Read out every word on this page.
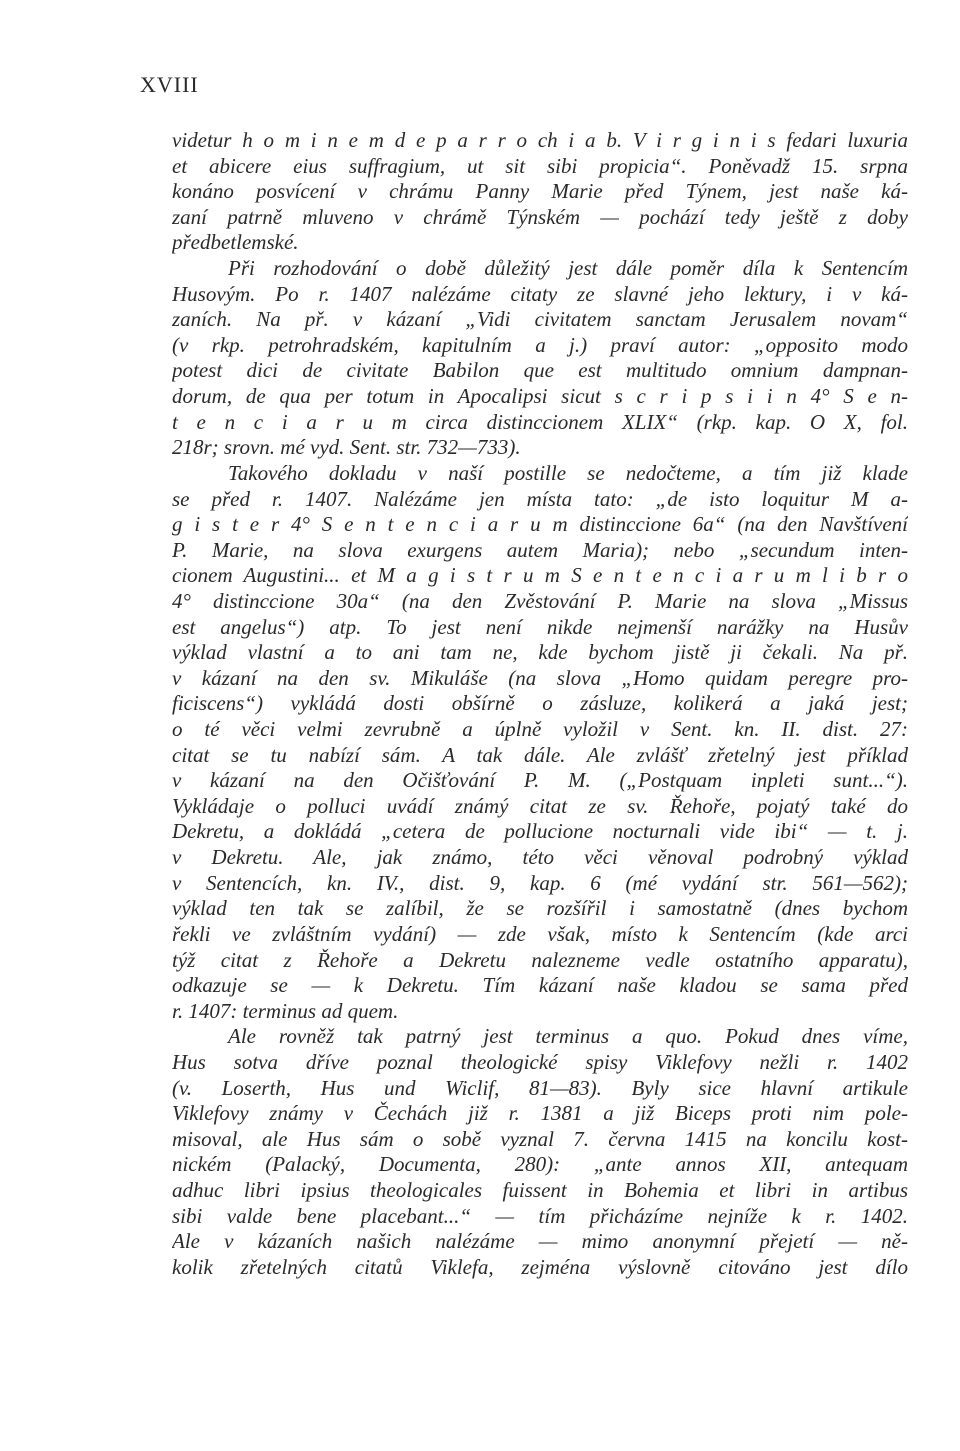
XVIII
videtur h o m i n e m d e p a r r o ch i a b. V i r g i n i s fedari luxuria
et abicere eius suffragium, ut sit sibi propicia“. Poněvadž 15. srpna
konáno posvícení v chrámu Panny Marie před Týnem, jest naše ká-
zaní patrně mluveno v chrámě Týnském — pochází tedy ještě z doby
předbetlemské.
Při rozhodování o době důležitý jest dále poměr díla k Sentencím
Husovým. Po r. 1407 nalézáme citaty ze slavné jeho lektury, i v ká-
zaních. Na př. v kázaní „Vidi civitatem sanctam Jerusalem novam“
(v rkp. petrohradském, kapitulním a j.) praví autor: „opposito modo
potest dici de civitate Babilon que est multitudo omnium dampnan-
dorum, de qua per totum in Apocalipsi sicut s c r i p s i i n 4° S e n-
t e n c i a r u m circa distinccionem XLIX“ (rkp. kap. O X, fol.
218r; srovn. mé vyd. Sent. str. 732—733).
Takového dokladu v naší postille se nedočteme, a tím již klade
se před r. 1407. Nalézáme jen místa tato: „de isto loquitur M a-
g i s t e r 4° S e n t e n c i a r u m distinccione 6a“ (na den Navštívení
P. Marie, na slova exurgens autem Maria); nebo „secundum inten-
cionem Augustini... et M a g i s t r u m S e n t e n c i a r u m l i b r o
4° distinccione 30a“ (na den Zvěstování P. Marie na slova „Missus
est angelus“) atp. To jest není nikde nejmenší narážky na Husův
výklad vlastní a to ani tam ne, kde bychom jistě ji čekali. Na př.
v kázaní na den sv. Mikuláše (na slova „Homo quidam peregre pro-
ficiscens“) vykládá dosti obšírně o zásluze, kolikerá a jaká jest;
o té věci velmi zevrubně a úplně vyložil v Sent. kn. II. dist. 27:
citat se tu nabízí sám. A tak dále. Ale zvlášť zřetelný jest příklad
v kázaní na den Očišťování P. M. („Postquam inpleti sunt...“).
Vykládaje o polluci uvádí známý citat ze sv. Řehoře, pojatý také do
Dekretu, a dokládá „cetera de pollucione nocturnali vide ibi“ — t. j.
v Dekretu. Ale, jak známo, této věci věnoval podrobný výklad
v Sentencích, kn. IV., dist. 9, kap. 6 (mé vydání str. 561—562);
výklad ten tak se zalíbil, že se rozšířil i samostatně (dnes bychom
řekli ve zvláštním vydání) — zde však, místo k Sentencím (kde arci
týž citat z Řehoře a Dekretu nalezneme vedle ostatního apparatu),
odkazuje se — k Dekretu. Tím kázaní naše kladou se sama před
r. 1407: terminus ad quem.
Ale rovněž tak patrný jest terminus a quo. Pokud dnes víme,
Hus sotva dříve poznal theologické spisy Viklefovy nežli r. 1402
(v. Loserth, Hus und Wiclif, 81—83). Byly sice hlavní artikule
Viklefovy známy v Čechách již r. 1381 a již Biceps proti nim pole-
misoval, ale Hus sám o sobě vyznal 7. června 1415 na koncilu kost-
nickém (Palacký, Documenta, 280): „ante annos XII, antequam
adhuc libri ipsius theologicales fuissent in Bohemia et libri in artibus
sibi valde bene placebant...“ — tím přicházíme nejníže k r. 1402.
Ale v kázaních našich nalézáme — mimo anonymní přejetí — ně-
kolik zřetelných citatů Viklefa, zejména výslovně citováno jest dílo
